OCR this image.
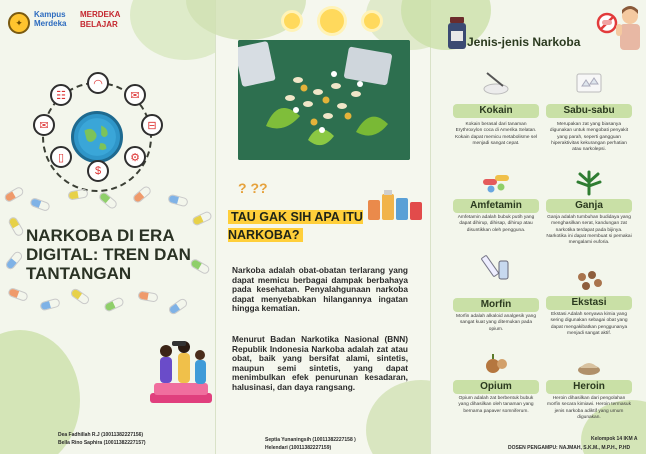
✦
Kampus Merdeka
MERDEKA BELAJAR
◠
✉
⊟
⚙
$
▯
✉
☷
NARKOBA DI ERA DIGITAL: TREN DAN TANTANGAN
Dea Fadhillah R.J (10011382227156)
Bella Rino Saphira (10011382227157)
? ??
TAU GAK SIH APA ITU NARKOBA?

Narkoba adalah obat-obatan terlarang yang dapat memicu berbagai dampak berbahaya pada kesehatan. Penyalahgunaan narkoba dapat menyebabkan hilangannya ingatan hingga kematian.

Menurut Badan Narkotika Nasional (BNN) Republik Indonesia Narkoba adalah zat atau obat, baik yang bersifat alami, sintetis, maupun semi sintetis, yang dapat menimbulkan efek penurunan kesadaran, halusinasi, dan daya rangsang.

Septia Yunaningsih (10011382227158 )
Helendari (10011382227159)
Jenis-jenis Narkoba
Kokain

Kokain berasal dari tanaman Erythroxylon coca di Amerika Selatan. Kokain dapat memicu metabolisme sel menjadi sangat cepat.

Sabu-sabu

Merupakan zat yang biasanya digunakan untuk mengobati penyakit yang parah, seperti gangguan hiperaktivitas kekurangan perhatian atau narkolepsi.

Amfetamin

Amfetamin adalah bubuk putih yang dapat dihirup, dihisap, dihirup atau disuntikkan oleh pengguna.

Ganja

Ganja adalah tumbuhan budidaya yang menghasilkan serat, kandungan zat narkotika terdapat pada bijinya. Narkotika ini dapat membuat si pemakai mengalami euforia.

Morfin

Morfin adalah alkaloid analgesik yang sangat kuat yang ditemukan pada opium.

Ekstasi

Ekstasi Adalah senyawa kimia yang sering digunakan sebagai obat yang dapat mengakibatkan penggunanya menjadi sangat aktif.

Opium

Opium adalah zat berbentuk bubuk yang dihasilkan oleh tanaman yang bernama papaver somniferum.

Heroin

Heroin dihasilkan dari pengolahan morfin secara kimiawi. Heroin termasuk jenis narkoba adiktif yang umum digunakan.

Kelompok 14 IKM A
DOSEN PENGAMPU: NAJMAH, S.K.M., M.P.H., P.HD
